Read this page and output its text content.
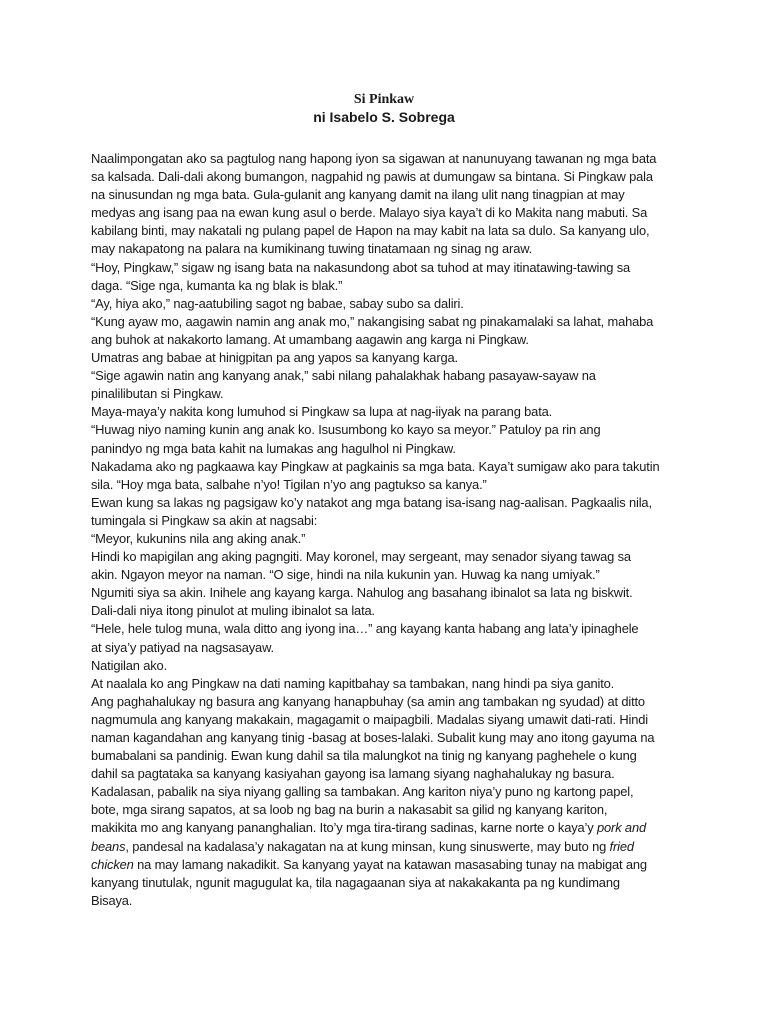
Si Pinkaw
ni Isabelo S. Sobrega
Naalimpongatan ako sa pagtulog nang hapong iyon sa sigawan at nanunuyang tawanan ng mga bata
sa kalsada. Dali-dali akong bumangon, nagpahid ng pawis at dumungaw sa bintana. Si Pingkaw pala
na sinusundan ng mga bata. Gula-gulanit ang kanyang damit na ilang ulit nang tinagpian at may
medyas ang isang paa na ewan kung asul o berde. Malayo siya kaya’t di ko Makita nang mabuti. Sa
kabilang binti, may nakatali ng pulang papel de Hapon na may kabit na lata sa dulo. Sa kanyang ulo,
may nakapatong na palara na kumikinang tuwing tinatamaan ng sinag ng araw.
“Hoy, Pingkaw,” sigaw ng isang bata na nakasundong abot sa tuhod at may itinatawing-tawing sa
daga. “Sige nga, kumanta ka ng blak is blak.”
“Ay, hiya ako,” nag-aatubiling sagot ng babae, sabay subo sa daliri.
“Kung ayaw mo, aagawin namin ang anak mo,” nakangising sabat ng pinakamalaki sa lahat, mahaba
ang buhok at nakakorto lamang. At umambang aagawin ang karga ni Pingkaw.
Umatras ang babae at hinigpitan pa ang yapos sa kanyang karga.
“Sige agawin natin ang kanyang anak,” sabi nilang pahalakhak habang pasayaw-sayaw na
pinalilibutan si Pingkaw.
Maya-maya’y nakita kong lumuhod si Pingkaw sa lupa at nag-iiyak na parang bata.
“Huwag niyo naming kunin ang anak ko. Isusumbong ko kayo sa meyor.” Patuloy pa rin ang
panindyo ng mga bata kahit na lumakas ang hagulhol ni Pingkaw.
Nakadama ako ng pagkaawa kay Pingkaw at pagkainis sa mga bata. Kaya’t sumigaw ako para takutin
sila. “Hoy mga bata, salbahe n’yo! Tigilan n’yo ang pagtukso sa kanya.”
Ewan kung sa lakas ng pagsigaw ko’y natakot ang mga batang isa-isang nag-aalisan. Pagkaalis nila,
tumingala si Pingkaw sa akin at nagsabi:
“Meyor, kukunins nila ang aking anak.”
Hindi ko mapigilan ang aking pagngiti. May koronel, may sergeant, may senador siyang tawag sa
akin. Ngayon meyor na naman. “O sige, hindi na nila kukunin yan. Huwag ka nang umiyak.”
Ngumiti siya sa akin. Inihele ang kayang karga. Nahulog ang basahang ibinalot sa lata ng biskwit.
Dali-dali niya itong pinulot at muling ibinalot sa lata.
“Hele, hele tulog muna, wala ditto ang iyong ina…” ang kayang kanta habang ang lata’y ipinaghele
at siya’y patiyad na nagsasayaw.
Natigilan ako.
At naalala ko ang Pingkaw na dati naming kapitbahay sa tambakan, nang hindi pa siya ganito.
Ang paghahalukay ng basura ang kanyang hanapbuhay (sa amin ang tambakan ng syudad) at ditto
nagmumula ang kanyang makakain, magagamit o maipagbili. Madalas siyang umawit dati-rati. Hindi
naman kagandahan ang kanyang tinig -basag at boses-lalaki. Subalit kung may ano itong gayuma na
bumabalani sa pandinig. Ewan kung dahil sa tila malungkot na tinig ng kanyang paghehele o kung
dahil sa pagtataka sa kanyang kasiyahan gayong isa lamang siyang naghahalukay ng basura.
Kadalasan, pabalik na siya niyang galling sa tambakan. Ang kariton niya’y puno ng kartong papel,
bote, mga sirang sapatos, at sa loob ng bag na burin a nakasabit sa gilid ng kanyang kariton,
makikita mo ang kanyang pananghalian. Ito’y mga tira-tirang sadinas, karne norte o kaya’y pork and
beans, pandesal na kadalasa’y nakagatan na at kung minsan, kung sinuswerte, may buto ng fried
chicken na may lamang nakadikit. Sa kanyang yayat na katawan masasabing tunay na mabigat ang
kanyang tinutulak, ngunit magugulat ka, tila nagagaanan siya at nakakakanta pa ng kundimang
Bisaya.
